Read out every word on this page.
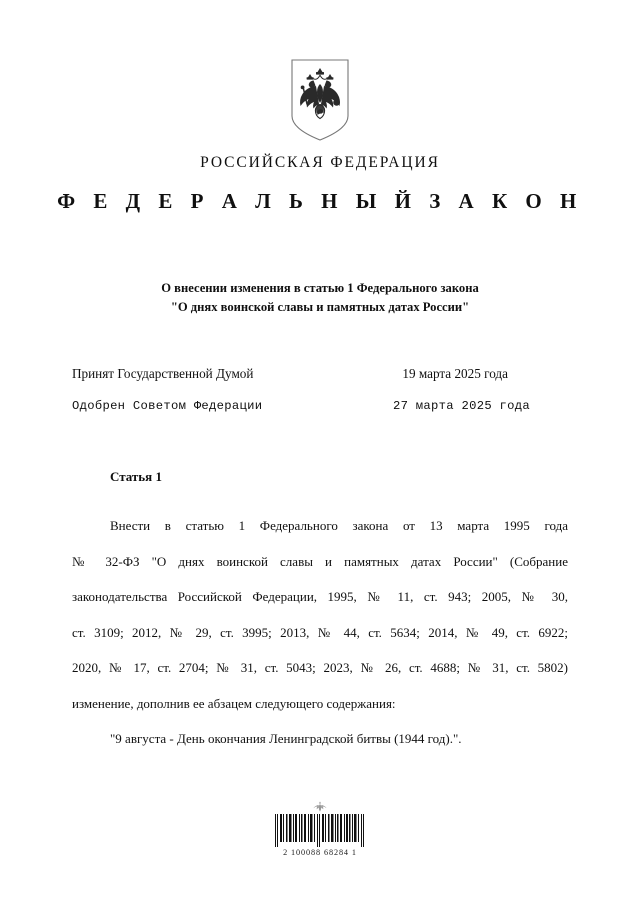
РОССИЙСКАЯ ФЕДЕРАЦИЯ
Ф Е Д Е Р А Л Ь Н Ы Й З А К О Н
О внесении изменения в статью 1 Федерального закона
"О днях воинской славы и памятных датах России"
Принят Государственной Думой	19 марта 2025 года
Одобрен Советом Федерации	27 марта 2025 года
Статья 1
Внести в статью 1 Федерального закона от 13 марта 1995 года
№ 32-ФЗ "О днях воинской славы и памятных датах России" (Собрание
законодательства Российской Федерации, 1995, № 11, ст. 943; 2005, № 30,
ст. 3109; 2012, № 29, ст. 3995; 2013, № 44, ст. 5634; 2014, № 49, ст. 6922;
2020, № 17, ст. 2704; № 31, ст. 5043; 2023, № 26, ст. 4688; № 31, ст. 5802)
изменение, дополнив ее абзацем следующего содержания:
"9 августа - День окончания Ленинградской битвы (1944 год).".
2 100088 68284 1
